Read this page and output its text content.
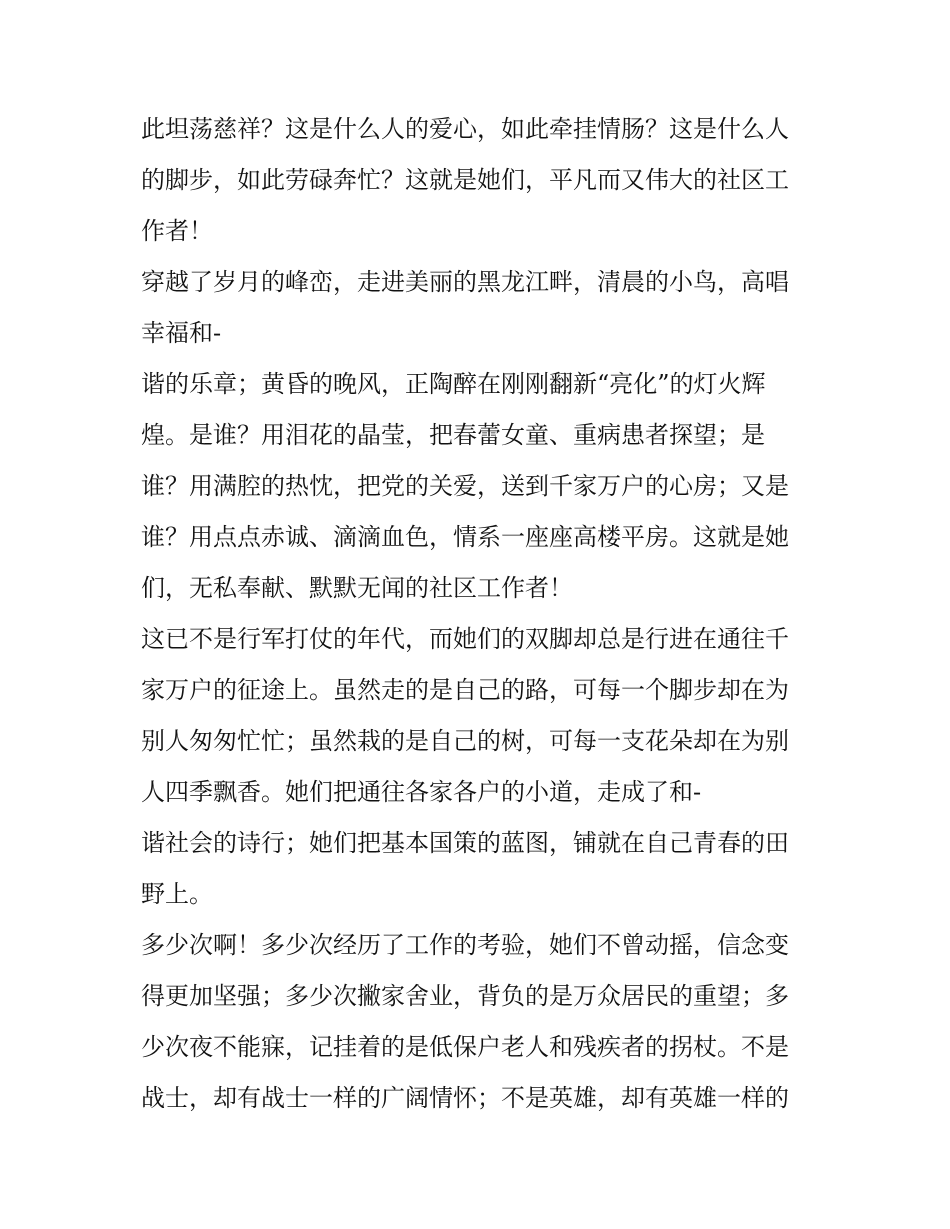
此坦荡慈祥？这是什么人的爱心，如此牵挂情肠？这是什么人
的脚步，如此劳碌奔忙？这就是她们，平凡而又伟大的社区工
作者！
穿越了岁月的峰峦，走进美丽的黑龙江畔，清晨的小鸟，高唱
幸福和-
谐的乐章；黄昏的晚风，正陶醉在刚刚翻新“亮化”的灯火辉
煌。是谁？用泪花的晶莹，把春蕾女童、重病患者探望；是
谁？用满腔的热忱，把党的关爱，送到千家万户的心房；又是
谁？用点点赤诚、滴滴血色，情系一座座高楼平房。这就是她
们，无私奉献、默默无闻的社区工作者！
这已不是行军打仗的年代，而她们的双脚却总是行进在通往千
家万户的征途上。虽然走的是自己的路，可每一个脚步却在为
别人匆匆忙忙；虽然栽的是自己的树，可每一支花朵却在为别
人四季飘香。她们把通往各家各户的小道，走成了和-
谐社会的诗行；她们把基本国策的蓝图，铺就在自己青春的田
野上。
多少次啊！多少次经历了工作的考验，她们不曾动摇，信念变
得更加坚强；多少次撇家舍业，背负的是万众居民的重望；多
少次夜不能寐，记挂着的是低保户老人和残疾者的拐杖。不是
战士，却有战士一样的广阔情怀；不是英雄，却有英雄一样的
